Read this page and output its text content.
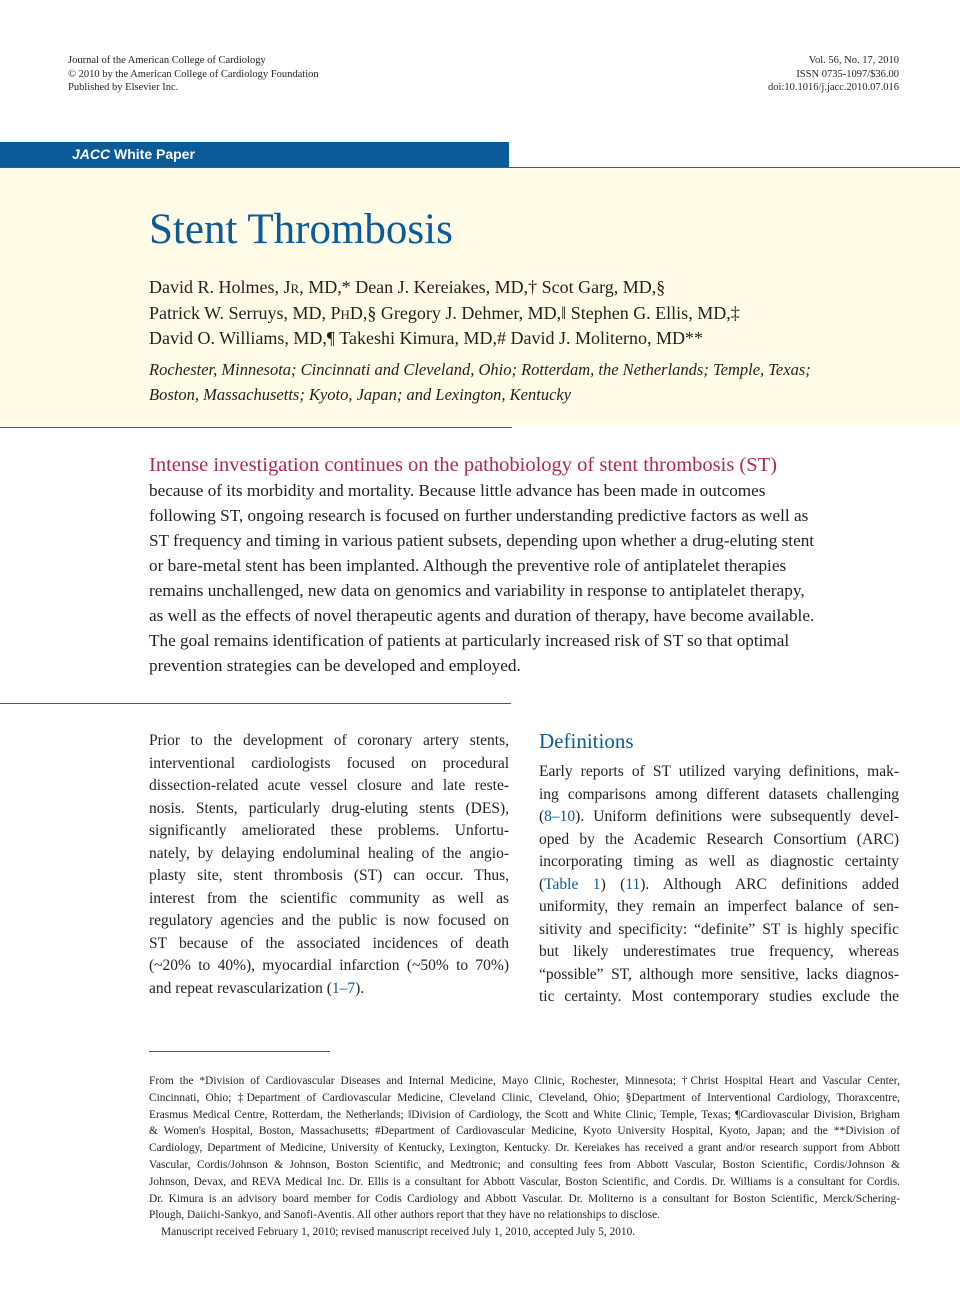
Journal of the American College of Cardiology
© 2010 by the American College of Cardiology Foundation
Published by Elsevier Inc.
Vol. 56, No. 17, 2010
ISSN 0735-1097/$36.00
doi:10.1016/j.jacc.2010.07.016
JACC White Paper
Stent Thrombosis
David R. Holmes, Jr, MD,* Dean J. Kereiakes, MD,† Scot Garg, MD,§
Patrick W. Serruys, MD, PhD,§ Gregory J. Dehmer, MD,‖ Stephen G. Ellis, MD,‡
David O. Williams, MD,¶ Takeshi Kimura, MD,# David J. Moliterno, MD**
Rochester, Minnesota; Cincinnati and Cleveland, Ohio; Rotterdam, the Netherlands; Temple, Texas;
Boston, Massachusetts; Kyoto, Japan; and Lexington, Kentucky
Intense investigation continues on the pathobiology of stent thrombosis (ST)
because of its morbidity and mortality. Because little advance has been made in outcomes
following ST, ongoing research is focused on further understanding predictive factors as well as
ST frequency and timing in various patient subsets, depending upon whether a drug-eluting stent
or bare-metal stent has been implanted. Although the preventive role of antiplatelet therapies
remains unchallenged, new data on genomics and variability in response to antiplatelet therapy,
as well as the effects of novel therapeutic agents and duration of therapy, have become available.
The goal remains identification of patients at particularly increased risk of ST so that optimal
prevention strategies can be developed and employed.
Prior to the development of coronary artery stents,
interventional cardiologists focused on procedural
dissection-related acute vessel closure and late reste-
nosis. Stents, particularly drug-eluting stents (DES),
significantly ameliorated these problems. Unfortu-
nately, by delaying endoluminal healing of the angio-
plasty site, stent thrombosis (ST) can occur. Thus,
interest from the scientific community as well as
regulatory agencies and the public is now focused on
ST because of the associated incidences of death
(~20% to 40%), myocardial infarction (~50% to 70%)
and repeat revascularization (1–7).
Definitions
Early reports of ST utilized varying definitions, mak-
ing comparisons among different datasets challenging
(8–10). Uniform definitions were subsequently devel-
oped by the Academic Research Consortium (ARC)
incorporating timing as well as diagnostic certainty
(Table 1) (11). Although ARC definitions added
uniformity, they remain an imperfect balance of sen-
sitivity and specificity: “definite” ST is highly specific
but likely underestimates true frequency, whereas
“possible” ST, although more sensitive, lacks diagnos-
tic certainty. Most contemporary studies exclude the
From the *Division of Cardiovascular Diseases and Internal Medicine, Mayo Clinic, Rochester, Minnesota; †Christ Hospital Heart and Vascular Center,
Cincinnati, Ohio; ‡Department of Cardiovascular Medicine, Cleveland Clinic, Cleveland, Ohio; §Department of Interventional Cardiology, Thoraxcentre,
Erasmus Medical Centre, Rotterdam, the Netherlands; ‖Division of Cardiology, the Scott and White Clinic, Temple, Texas; ¶Cardiovascular Division, Brigham
& Women's Hospital, Boston, Massachusetts; #Department of Cardiovascular Medicine, Kyoto University Hospital, Kyoto, Japan; and the **Division of
Cardiology, Department of Medicine, University of Kentucky, Lexington, Kentucky. Dr. Kereiakes has received a grant and/or research support from Abbott
Vascular, Cordis/Johnson & Johnson, Boston Scientific, and Medtronic; and consulting fees from Abbott Vascular, Boston Scientific, Cordis/Johnson &
Johnson, Devax, and REVA Medical Inc. Dr. Ellis is a consultant for Abbott Vascular, Boston Scientific, and Cordis. Dr. Williams is a consultant for Cordis.
Dr. Kimura is an advisory board member for Codis Cardiology and Abbott Vascular. Dr. Moliterno is a consultant for Boston Scientific, Merck/Schering-
Plough, Daiichi-Sankyo, and Sanofi-Aventis. All other authors report that they have no relationships to disclose.
Manuscript received February 1, 2010; revised manuscript received July 1, 2010, accepted July 5, 2010.
